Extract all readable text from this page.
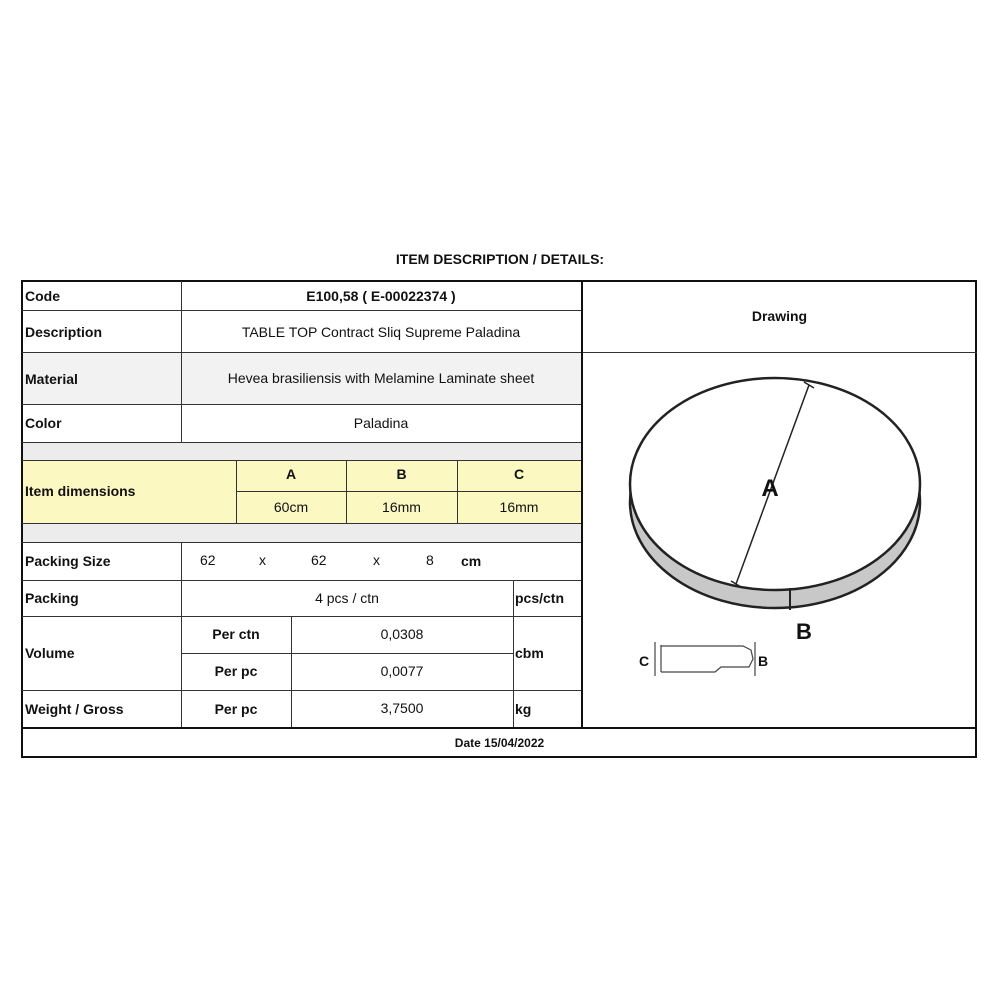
ITEM DESCRIPTION / DETAILS:
Code	E100,58 ( E-00022374 )
Description	TABLE TOP Contract Sliq Supreme Paladina
Material	Hevea brasiliensis with Melamine Laminate sheet
Color	Paladina
Item dimensions
A	B	C
60cm	16mm	16mm
Packing Size	62	x	62	x	8 cm
Packing	4 pcs / ctn	pcs/ctn
Volume
Per ctn	0,0308
Per pc	0,0077
cbm
Weight / Gross	Per pc	3,7500	kg
Drawing
Date 15/04/2022
A
B
C	B
